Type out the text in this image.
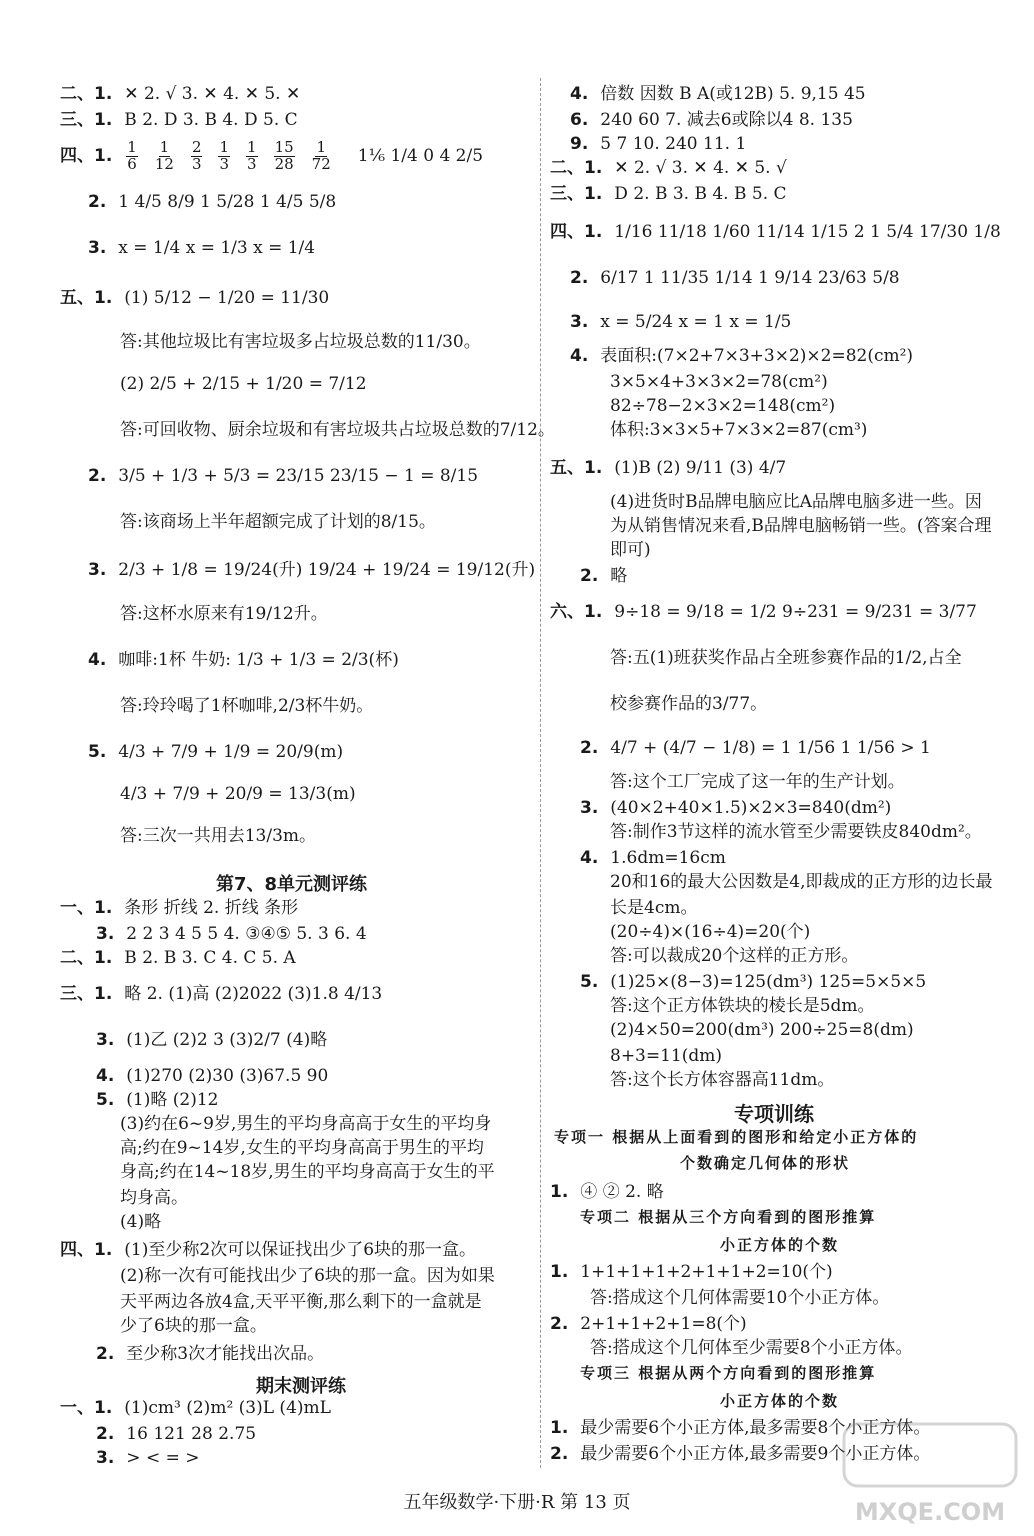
二、1. ✕ 2. √ 3. ✕ 4. ✕ 5. ✕
三、1. B 2. D 3. B 4. D 5. C
四、1. $\frac{1}{6} \frac{1}{12} \frac{2}{3} \frac{1}{3} \frac{1}{3} \frac{15}{28} \frac{1}{72}$ 1⅙ 1/4 0 4 2/5
2. 1 4/5 8/9 1 5/28 1 4/5 5/8
3. x = 1/4 x = 1/3 x = 1/4
五、1. (1) 5/12 − 1/20 = 11/30
答:其他垃圾比有害垃圾多占垃圾总数的11/30。
(2) 2/5 + 2/15 + 1/20 = 7/12
答:可回收物、厨余垃圾和有害垃圾共占垃圾总数的7/12。
2. 3/5 + 1/3 + 5/3 = 23/15 23/15 − 1 = 8/15
答:该商场上半年超额完成了计划的8/15。
3. 2/3 + 1/8 = 19/24(升) 19/24 + 19/24 = 19/12(升)
答:这杯水原来有19/12升。
4. 咖啡:1杯 牛奶: 1/3 + 1/3 = 2/3(杯)
答:玲玲喝了1杯咖啡,2/3杯牛奶。
5. 4/3 + 7/9 + 1/9 = 20/9(m)
4/3 + 7/9 + 20/9 = 13/3(m)
答:三次一共用去13/3m。
第7、8单元测评练
一、1. 条形 折线 2. 折线 条形
3. 2 2 3 4 5 5 4. ③④⑤ 5. 3 6. 4
二、1. B 2. B 3. C 4. C 5. A
三、1. 略 2. (1)高 (2)2022 (3)1.8 4/13
3. (1)乙 (2)2 3 (3)2/7 (4)略
4. (1)270 (2)30 (3)67.5 90
5. (1)略 (2)12
(3)约在6~9岁,男生的平均身高高于女生的平均身
高;约在9~14岁,女生的平均身高高于男生的平均
身高;约在14~18岁,男生的平均身高高于女生的平
均身高。
(4)略
四、1. (1)至少称2次可以保证找出少了6块的那一盒。
(2)称一次有可能找出少了6块的那一盒。因为如果
天平两边各放4盒,天平平衡,那么剩下的一盒就是
少了6块的那一盒。
2. 至少称3次才能找出次品。
期末测评练
一、1. (1)cm³ (2)m² (3)L (4)mL
2. 16 121 28 2.75
3. > < = >
4. 倍数 因数 B A(或12B) 5. 9,15 45
6. 240 60 7. 减去6或除以4 8. 135
9. 5 7 10. 240 11. 1
二、1. ✕ 2. √ 3. ✕ 4. ✕ 5. √
三、1. D 2. B 3. B 4. B 5. C
四、1. 1/16 11/18 1/60 11/14 1/15 2 1 5/4 17/30 1/8
2. 6/17 1 11/35 1/14 1 9/14 23/63 5/8
3. x = 5/24 x = 1 x = 1/5
4. 表面积:(7×2+7×3+3×2)×2=82(cm²)
3×5×4+3×3×2=78(cm²)
82÷78−2×3×2=148(cm²)
体积:3×3×5+7×3×2=87(cm³)
五、1. (1)B (2) 9/11 (3) 4/7
(4)进货时B品牌电脑应比A品牌电脑多进一些。因
为从销售情况来看,B品牌电脑畅销一些。(答案合理
即可)
2. 略
六、1. 9÷18 = 9/18 = 1/2 9÷231 = 9/231 = 3/77
答:五(1)班获奖作品占全班参赛作品的1/2,占全
校参赛作品的3/77。
2. 4/7 + (4/7 − 1/8) = 1 1/56 1 1/56 > 1
答:这个工厂完成了这一年的生产计划。
3. (40×2+40×1.5)×2×3=840(dm²)
答:制作3节这样的流水管至少需要铁皮840dm²。
4. 1.6dm=16cm
20和16的最大公因数是4,即裁成的正方形的边长最
长是4cm。
(20÷4)×(16÷4)=20(个)
答:可以裁成20个这样的正方形。
5. (1)25×(8−3)=125(dm³) 125=5×5×5
答:这个正方体铁块的棱长是5dm。
(2)4×50=200(dm³) 200÷25=8(dm)
8+3=11(dm)
答:这个长方体容器高11dm。
专项训练
专项一 根据从上面看到的图形和给定小正方体的
个数确定几何体的形状
1. ④ ② 2. 略
专项二 根据从三个方向看到的图形推算
小正方体的个数
1. 1+1+1+1+2+1+1+2=10(个)
答:搭成这个几何体需要10个小正方体。
2. 2+1+1+2+1=8(个)
答:搭成这个几何体至少需要8个小正方体。
专项三 根据从两个方向看到的图形推算
小正方体的个数
1. 最少需要6个小正方体,最多需要8个小正方体。
2. 最少需要6个小正方体,最多需要9个小正方体。
五年级数学·下册·R 第 13 页	MXQE.COM
